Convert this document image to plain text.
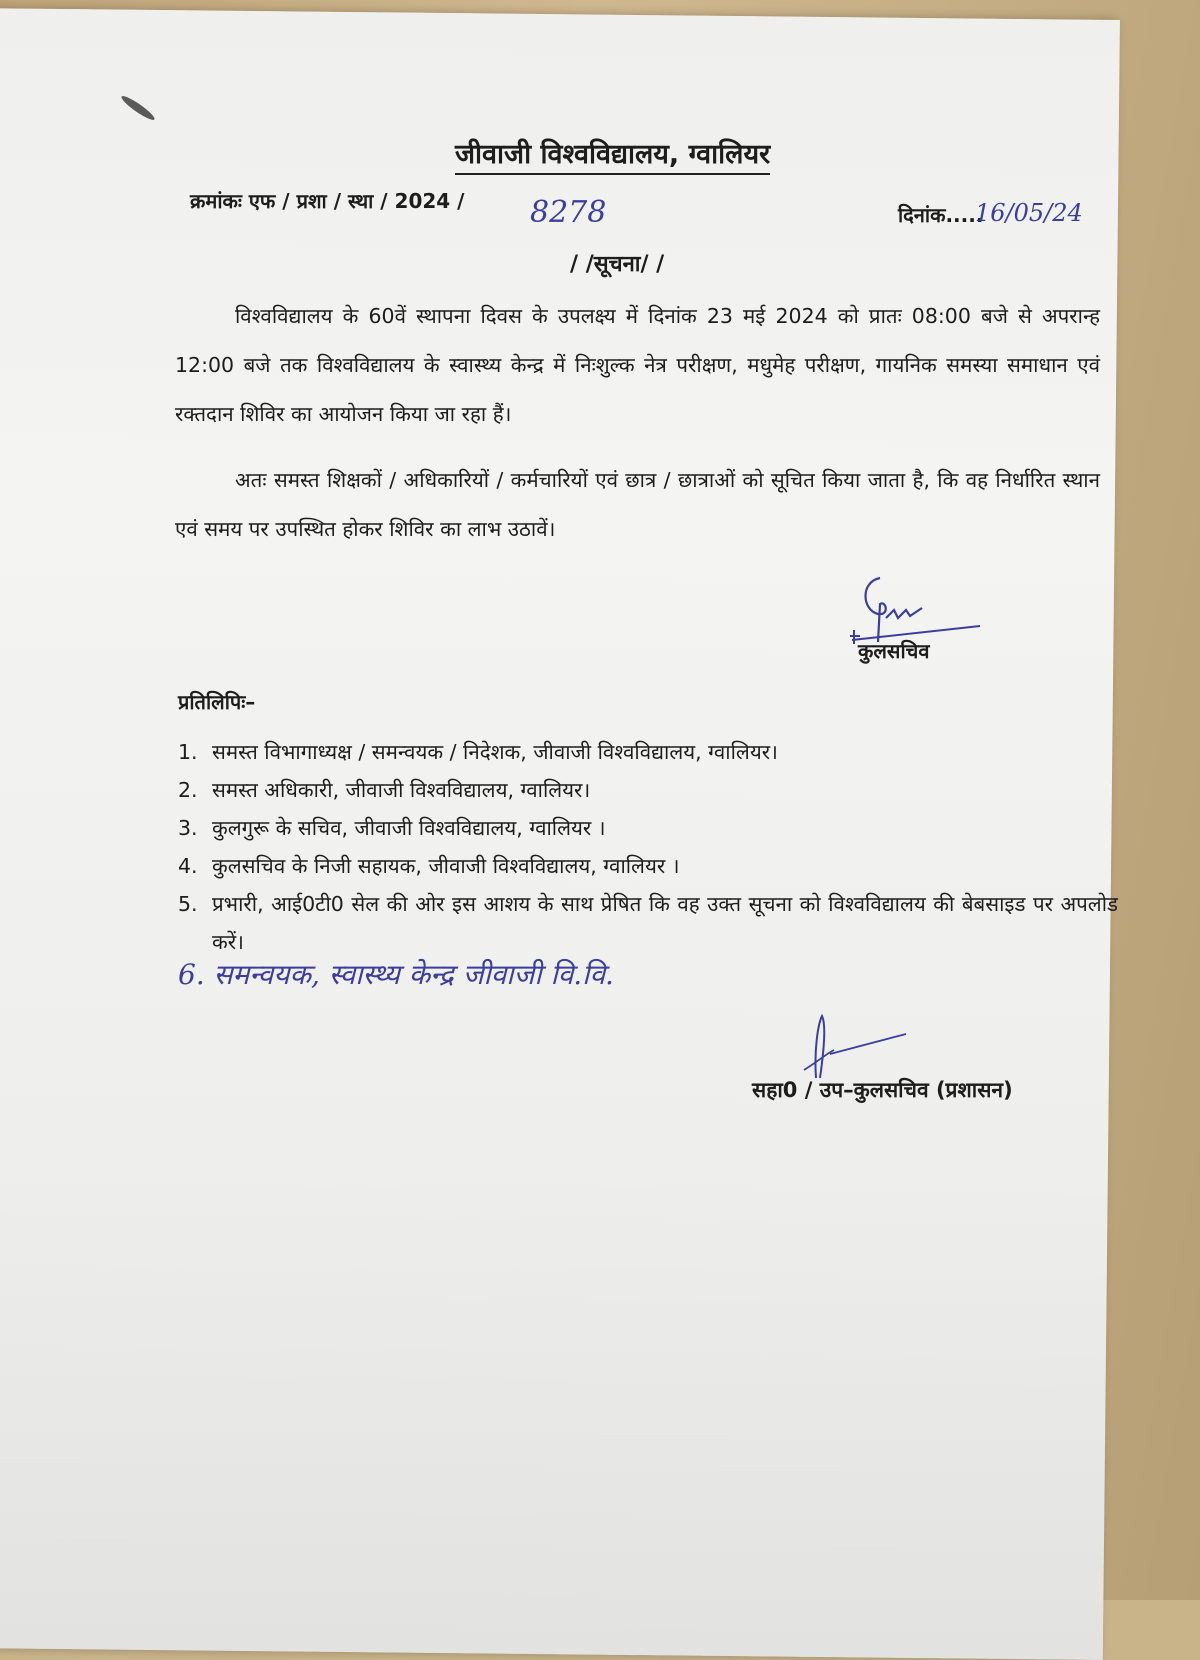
जीवाजी विश्वविद्यालय, ग्वालियर
क्रमांकः एफ / प्रशा / स्था / 2024 / 8278	दिनांक.....
16/05/24
/ /सूचना/ /

विश्वविद्यालय के 60वें स्थापना दिवस के उपलक्ष्य में दिनांक 23 मई 2024 को प्रातः 08:00 बजे से अपरान्ह 12:00 बजे तक विश्वविद्यालय के स्वास्थ्य केन्द्र में निःशुल्क नेत्र परीक्षण, मधुमेह परीक्षण, गायनिक समस्या समाधान एवं रक्तदान शिविर का आयोजन किया जा रहा हैं।

अतः समस्त शिक्षकों / अधिकारियों / कर्मचारियों एवं छात्र / छात्राओं को सूचित किया जाता है, कि वह निर्धारित स्थान एवं समय पर उपस्थित होकर शिविर का लाभ उठावें।

कुलसचिव
प्रतिलिपिः–
1. समस्त विभागाध्यक्ष / समन्वयक / निदेशक, जीवाजी विश्वविद्यालय, ग्वालियर।
2. समस्त अधिकारी, जीवाजी विश्वविद्यालय, ग्वालियर।
3. कुलगुरू के सचिव, जीवाजी विश्वविद्यालय, ग्वालियर ।
4. कुलसचिव के निजी सहायक, जीवाजी विश्वविद्यालय, ग्वालियर ।
5. प्रभारी, आई0टी0 सेल की ओर इस आशय के साथ प्रेषित कि वह उक्त सूचना को विश्वविद्यालय की बेबसाइड पर अपलोड करें।
6. समन्वयक, स्वास्थ्य केन्द्र जीवाजी वि.वि.
सहा0 / उप–कुलसचिव (प्रशासन)
